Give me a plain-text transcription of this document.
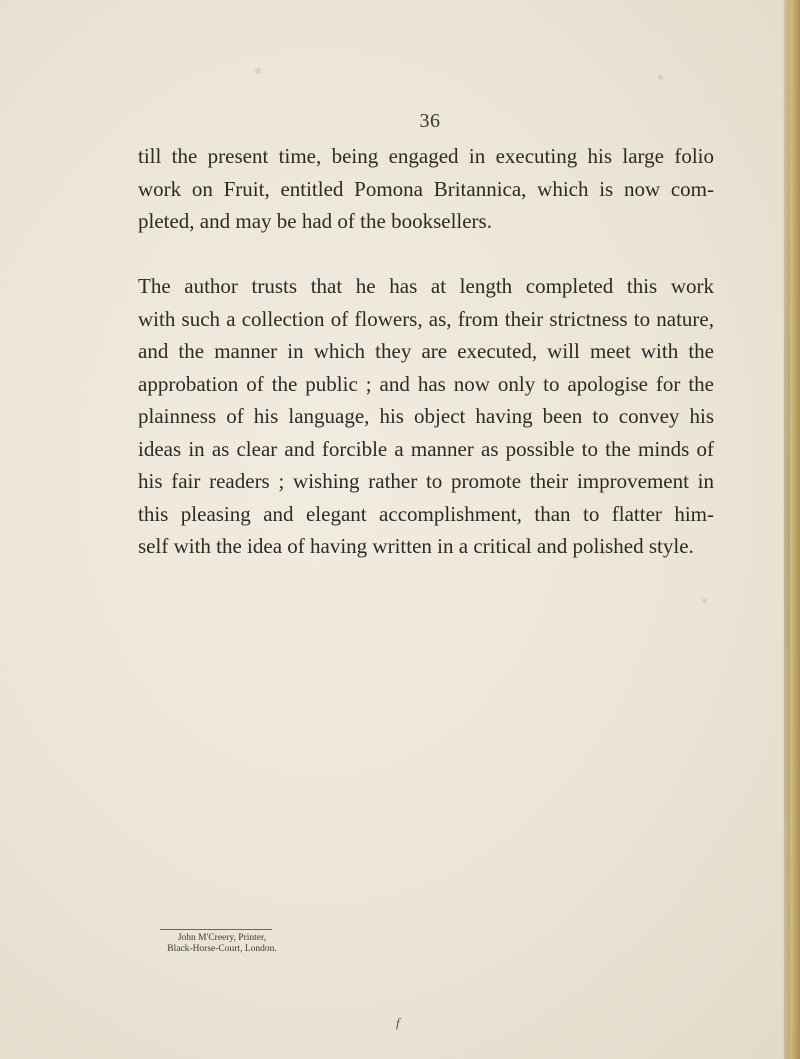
36

till the present time, being engaged in executing his large folio
work on Fruit, entitled Pomona Britannica, which is now com-
pleted, and may be had of the booksellers.

The author trusts that he has at length completed this work
with such a collection of flowers, as, from their strictness to nature,
and the manner in which they are executed, will meet with the
approbation of the public ; and has now only to apologise for the
plainness of his language, his object having been to convey his
ideas in as clear and forcible a manner as possible to the minds of
his fair readers ; wishing rather to promote their improvement in
this pleasing and elegant accomplishment, than to flatter him-
self with the idea of having written in a critical and polished style.

John M'Creery, Printer,
Black-Horse-Court, London.
f
